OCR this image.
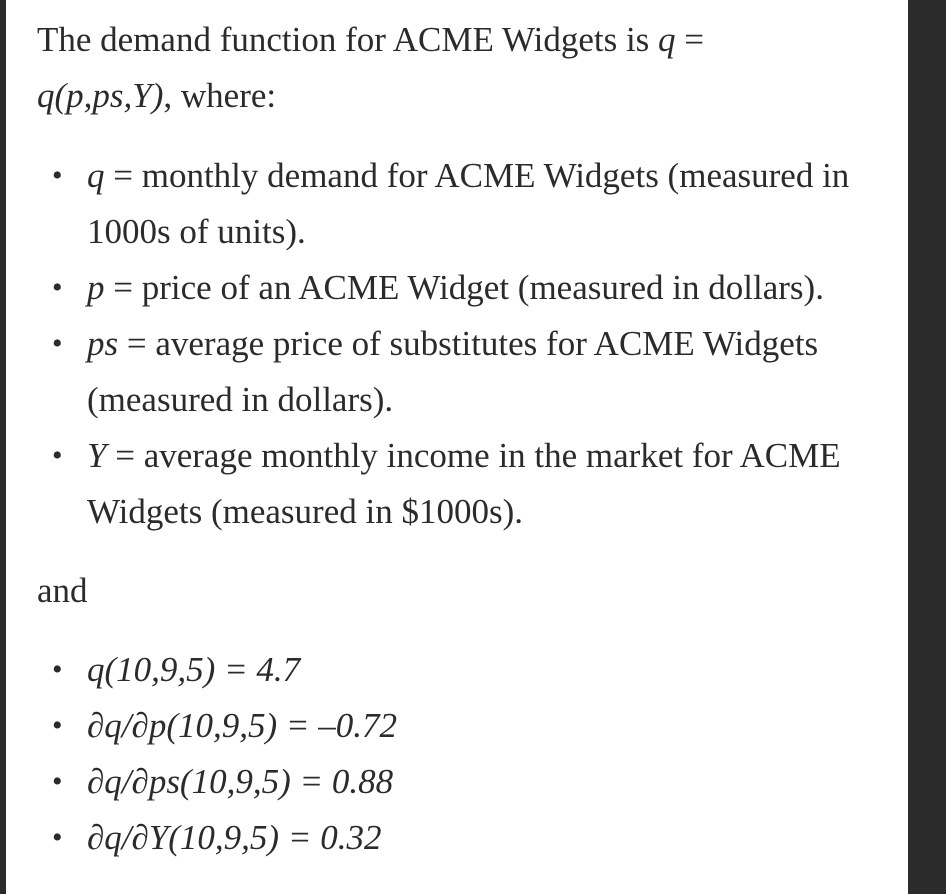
The demand function for ACME Widgets is q = q(p,ps,Y), where:

• q = monthly demand for ACME Widgets (measured in 1000s of units).
• p = price of an ACME Widget (measured in dollars).
• ps = average price of substitutes for ACME Widgets (measured in dollars).
• Y = average monthly income in the market for ACME Widgets (measured in $1000s).

and

• q(10,9,5) = 4.7
• ∂q/∂p(10,9,5) = –0.72
• ∂q/∂ps(10,9,5) = 0.88
• ∂q/∂Y(10,9,5) = 0.32
